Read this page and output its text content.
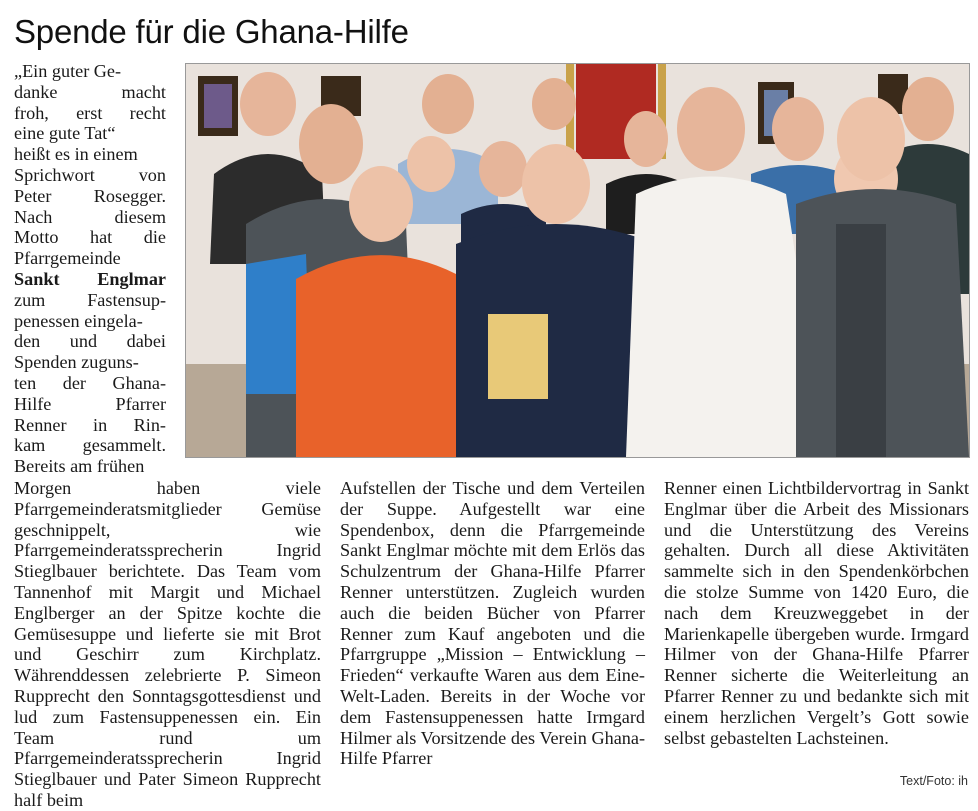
Spende für die Ghana-Hilfe
„Ein guter Ge-
danke macht
froh, erst recht
eine gute Tat“
heißt es in einem
Sprichwort von
Peter Rosegger.
Nach diesem
Motto hat die
Pfarrgemeinde
Sankt Englmar
zum Fastensup-
penessen eingela-
den und dabei
Spenden zuguns-
ten der Ghana-
Hilfe Pfarrer
Renner in Rin-
kam gesammelt.
Bereits am frühen
Morgen haben viele Pfarrgemeinderatsmitglieder Gemüse geschnippelt, wie Pfarrgemeinderatssprecherin Ingrid Stieglbauer berichtete. Das Team vom Tannenhof mit Margit und Michael Englberger an der Spitze kochte die Gemüsesuppe und lieferte sie mit Brot und Geschirr zum Kirchplatz. Währenddessen zelebrierte P. Simeon Rupprecht den Sonntagsgottesdienst und lud zum Fastensuppenessen ein. Ein Team rund um Pfarrgemeinderatssprecherin Ingrid Stieglbauer und Pater Simeon Rupprecht half beim
Aufstellen der Tische und dem Verteilen der Suppe. Aufgestellt war eine Spendenbox, denn die Pfarrgemeinde Sankt Englmar möchte mit dem Erlös das Schulzentrum der Ghana-Hilfe Pfarrer Renner unterstützen. Zugleich wurden auch die beiden Bücher von Pfarrer Renner zum Kauf angeboten und die Pfarrgruppe „Mission – Entwicklung – Frieden“ verkaufte Waren aus dem Eine-Welt-Laden. Bereits in der Woche vor dem Fastensuppenessen hatte Irmgard Hilmer als Vorsitzende des Verein Ghana-Hilfe Pfarrer
Renner einen Lichtbildervortrag in Sankt Englmar über die Arbeit des Missionars und die Unterstützung des Vereins gehalten. Durch all diese Aktivitäten sammelte sich in den Spendenkörbchen die stolze Summe von 1420 Euro, die nach dem Kreuzweggebet in der Marienkapelle übergeben wurde. Irmgard Hilmer von der Ghana-Hilfe Pfarrer Renner sicherte die Weiterleitung an Pfarrer Renner zu und bedankte sich mit einem herzlichen Vergelt’s Gott sowie selbst gebastelten Lachsteinen.
Text/Foto: ih
